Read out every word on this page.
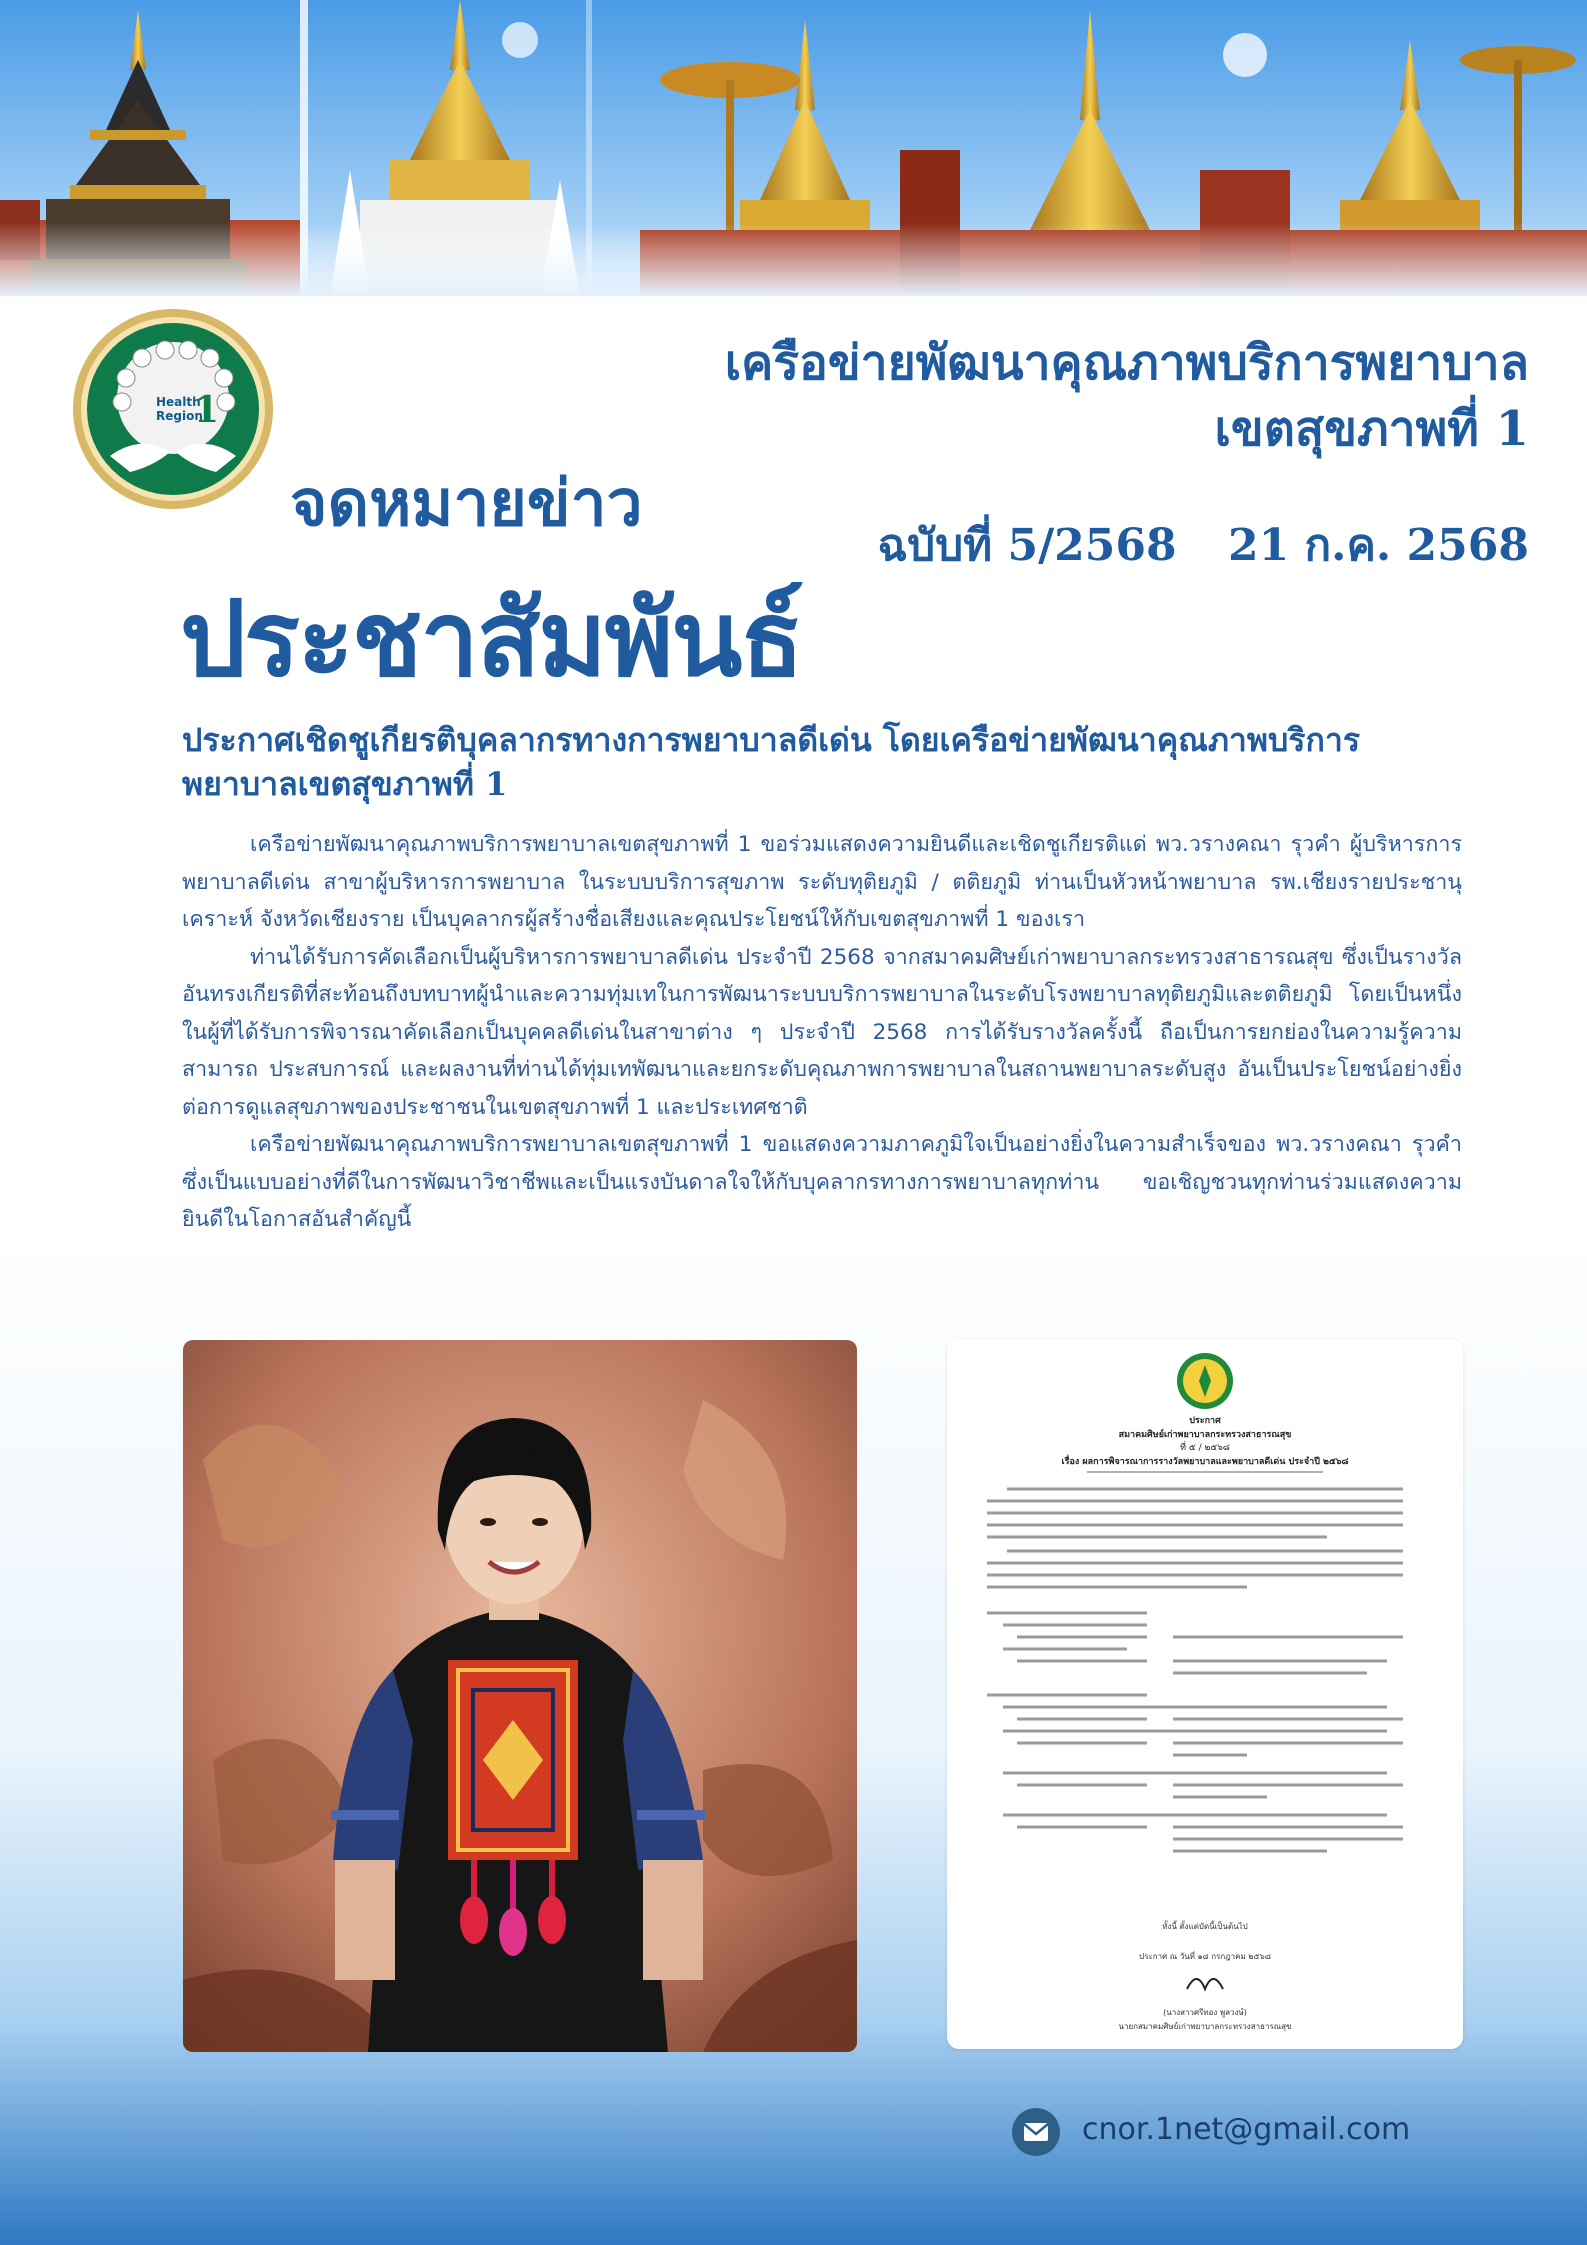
Health
Region
1
เครือข่ายพัฒนาคุณภาพบริการพยาบาล
เขตสุขภาพที่ 1
ฉบับที่ 5/2568 21 ก.ค. 2568
จดหมายข่าว
ประชาสัมพันธ์
ประกาศเชิดชูเกียรติบุคลากรทางการพยาบาลดีเด่น โดยเครือข่ายพัฒนาคุณภาพบริการพยาบาลเขตสุขภาพที่ 1

เครือข่ายพัฒนาคุณภาพบริการพยาบาลเขตสุขภาพที่ 1 ขอร่วมแสดงความยินดีและเชิดชูเกียรติแด่ พว.วรางคณา รุวคำ ผู้บริหารการพยาบาลดีเด่น สาขาผู้บริหารการพยาบาล ในระบบบริการสุขภาพ ระดับทุติยภูมิ / ตติยภูมิ ท่านเป็นหัวหน้าพยาบาล รพ.เชียงรายประชานุเคราะห์ จังหวัดเชียงราย เป็นบุคลากรผู้สร้างชื่อเสียงและคุณประโยชน์ให้กับเขตสุขภาพที่ 1 ของเรา

ท่านได้รับการคัดเลือกเป็นผู้บริหารการพยาบาลดีเด่น ประจำปี 2568 จากสมาคมศิษย์เก่าพยาบาลกระทรวงสาธารณสุข ซึ่งเป็นรางวัลอันทรงเกียรติที่สะท้อนถึงบทบาทผู้นำและความทุ่มเทในการพัฒนาระบบบริการพยาบาลในระดับโรงพยาบาลทุติยภูมิและตติยภูมิ โดยเป็นหนึ่งในผู้ที่ได้รับการพิจารณาคัดเลือกเป็นบุคคลดีเด่นในสาขาต่าง ๆ ประจำปี 2568 การได้รับรางวัลครั้งนี้ ถือเป็นการยกย่องในความรู้ความสามารถ ประสบการณ์ และผลงานที่ท่านได้ทุ่มเทพัฒนาและยกระดับคุณภาพการพยาบาลในสถานพยาบาลระดับสูง อันเป็นประโยชน์อย่างยิ่งต่อการดูแลสุขภาพของประชาชนในเขตสุขภาพที่ 1 และประเทศชาติ

เครือข่ายพัฒนาคุณภาพบริการพยาบาลเขตสุขภาพที่ 1 ขอแสดงความภาคภูมิใจเป็นอย่างยิ่งในความสำเร็จของ พว.วรางคณา รุวคำ ซึ่งเป็นแบบอย่างที่ดีในการพัฒนาวิชาชีพและเป็นแรงบันดาลใจให้กับบุคลากรทางการพยาบาลทุกท่าน ขอเชิญชวนทุกท่านร่วมแสดงความยินดีในโอกาสอันสำคัญนี้

ประกาศ
สมาคมศิษย์เก่าพยาบาลกระทรวงสาธารณสุข
ที่ ๕ / ๒๕๖๘
เรื่อง ผลการพิจารณาการรางวัลพยาบาลและพยาบาลดีเด่น ประจำปี ๒๕๖๘
ทั้งนี้ ตั้งแต่บัดนี้เป็นต้นไป
ประกาศ ณ วันที่ ๑๘ กรกฎาคม ๒๕๖๘
(นางสาวศรีทอง พูลวงษ์)
นายกสมาคมศิษย์เก่าพยาบาลกระทรวงสาธารณสุข
cnor.1net@gmail.com
